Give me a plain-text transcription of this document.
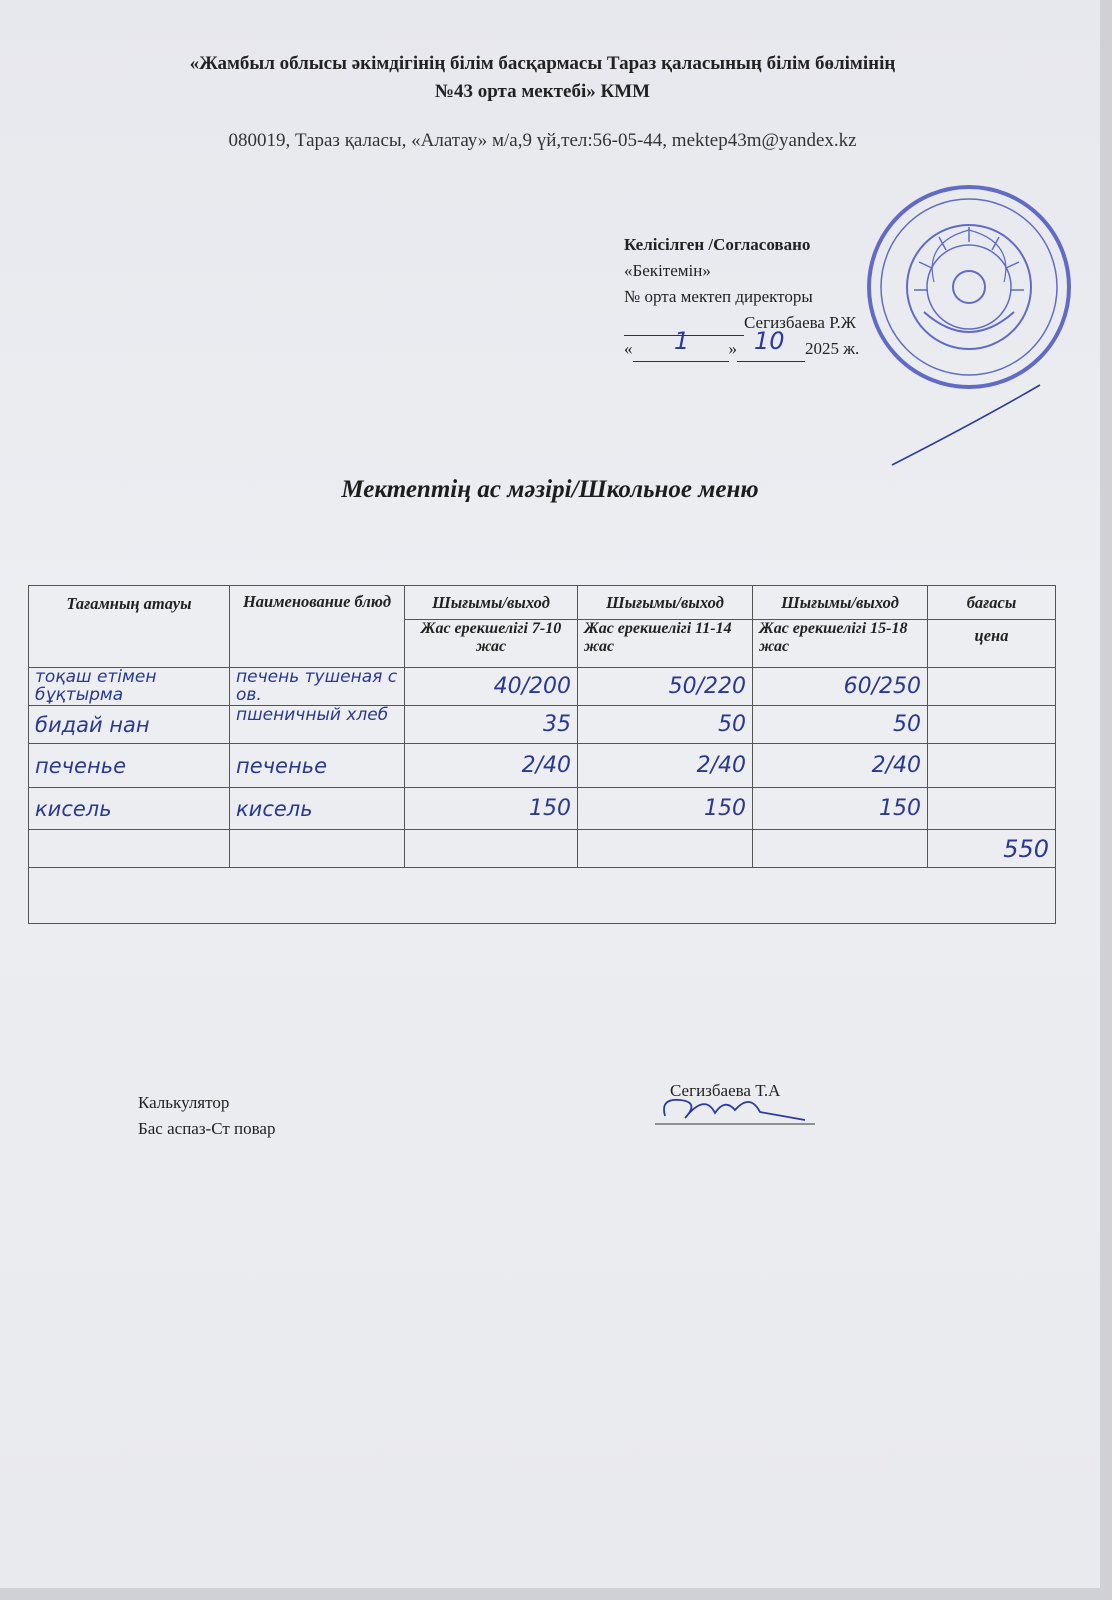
«Жамбыл облысы әкімдігінің білім басқармасы Тараз қаласының білім бөлімінің
№43 орта мектебі» КММ
080019, Тараз қаласы, «Алатау» м/а,9 үй,тел:56-05-44, mektep43m@yandex.kz
Келісілген /Согласовано
«Бекітемін»
№ орта мектеп директоры
Сегизбаева Р.Ж
«	»	2025 ж.
1	10
Мектептің ас мәзірі/Школьное меню
Тағамның атауы	Наименование блюд	Шығымы/выход	Шығымы/выход	Шығымы/выход	бағасы
		Жас ерекшелігі 7-10 жас	Жас ерекшелігі 11-14 жас	Жас ерекшелігі 15-18 жас	цена
тоқаш етімен бұқтырма	печень тушеная с ов.	40/200	50/220	60/250	
бидай нан	пшеничный хлеб	35	50	50	
печенье	печенье	2/40	2/40	2/40	
кисель	кисель	150	150	150	
					550

Калькулятор
Бас аспаз-Ст повар
Сегизбаева Т.А
